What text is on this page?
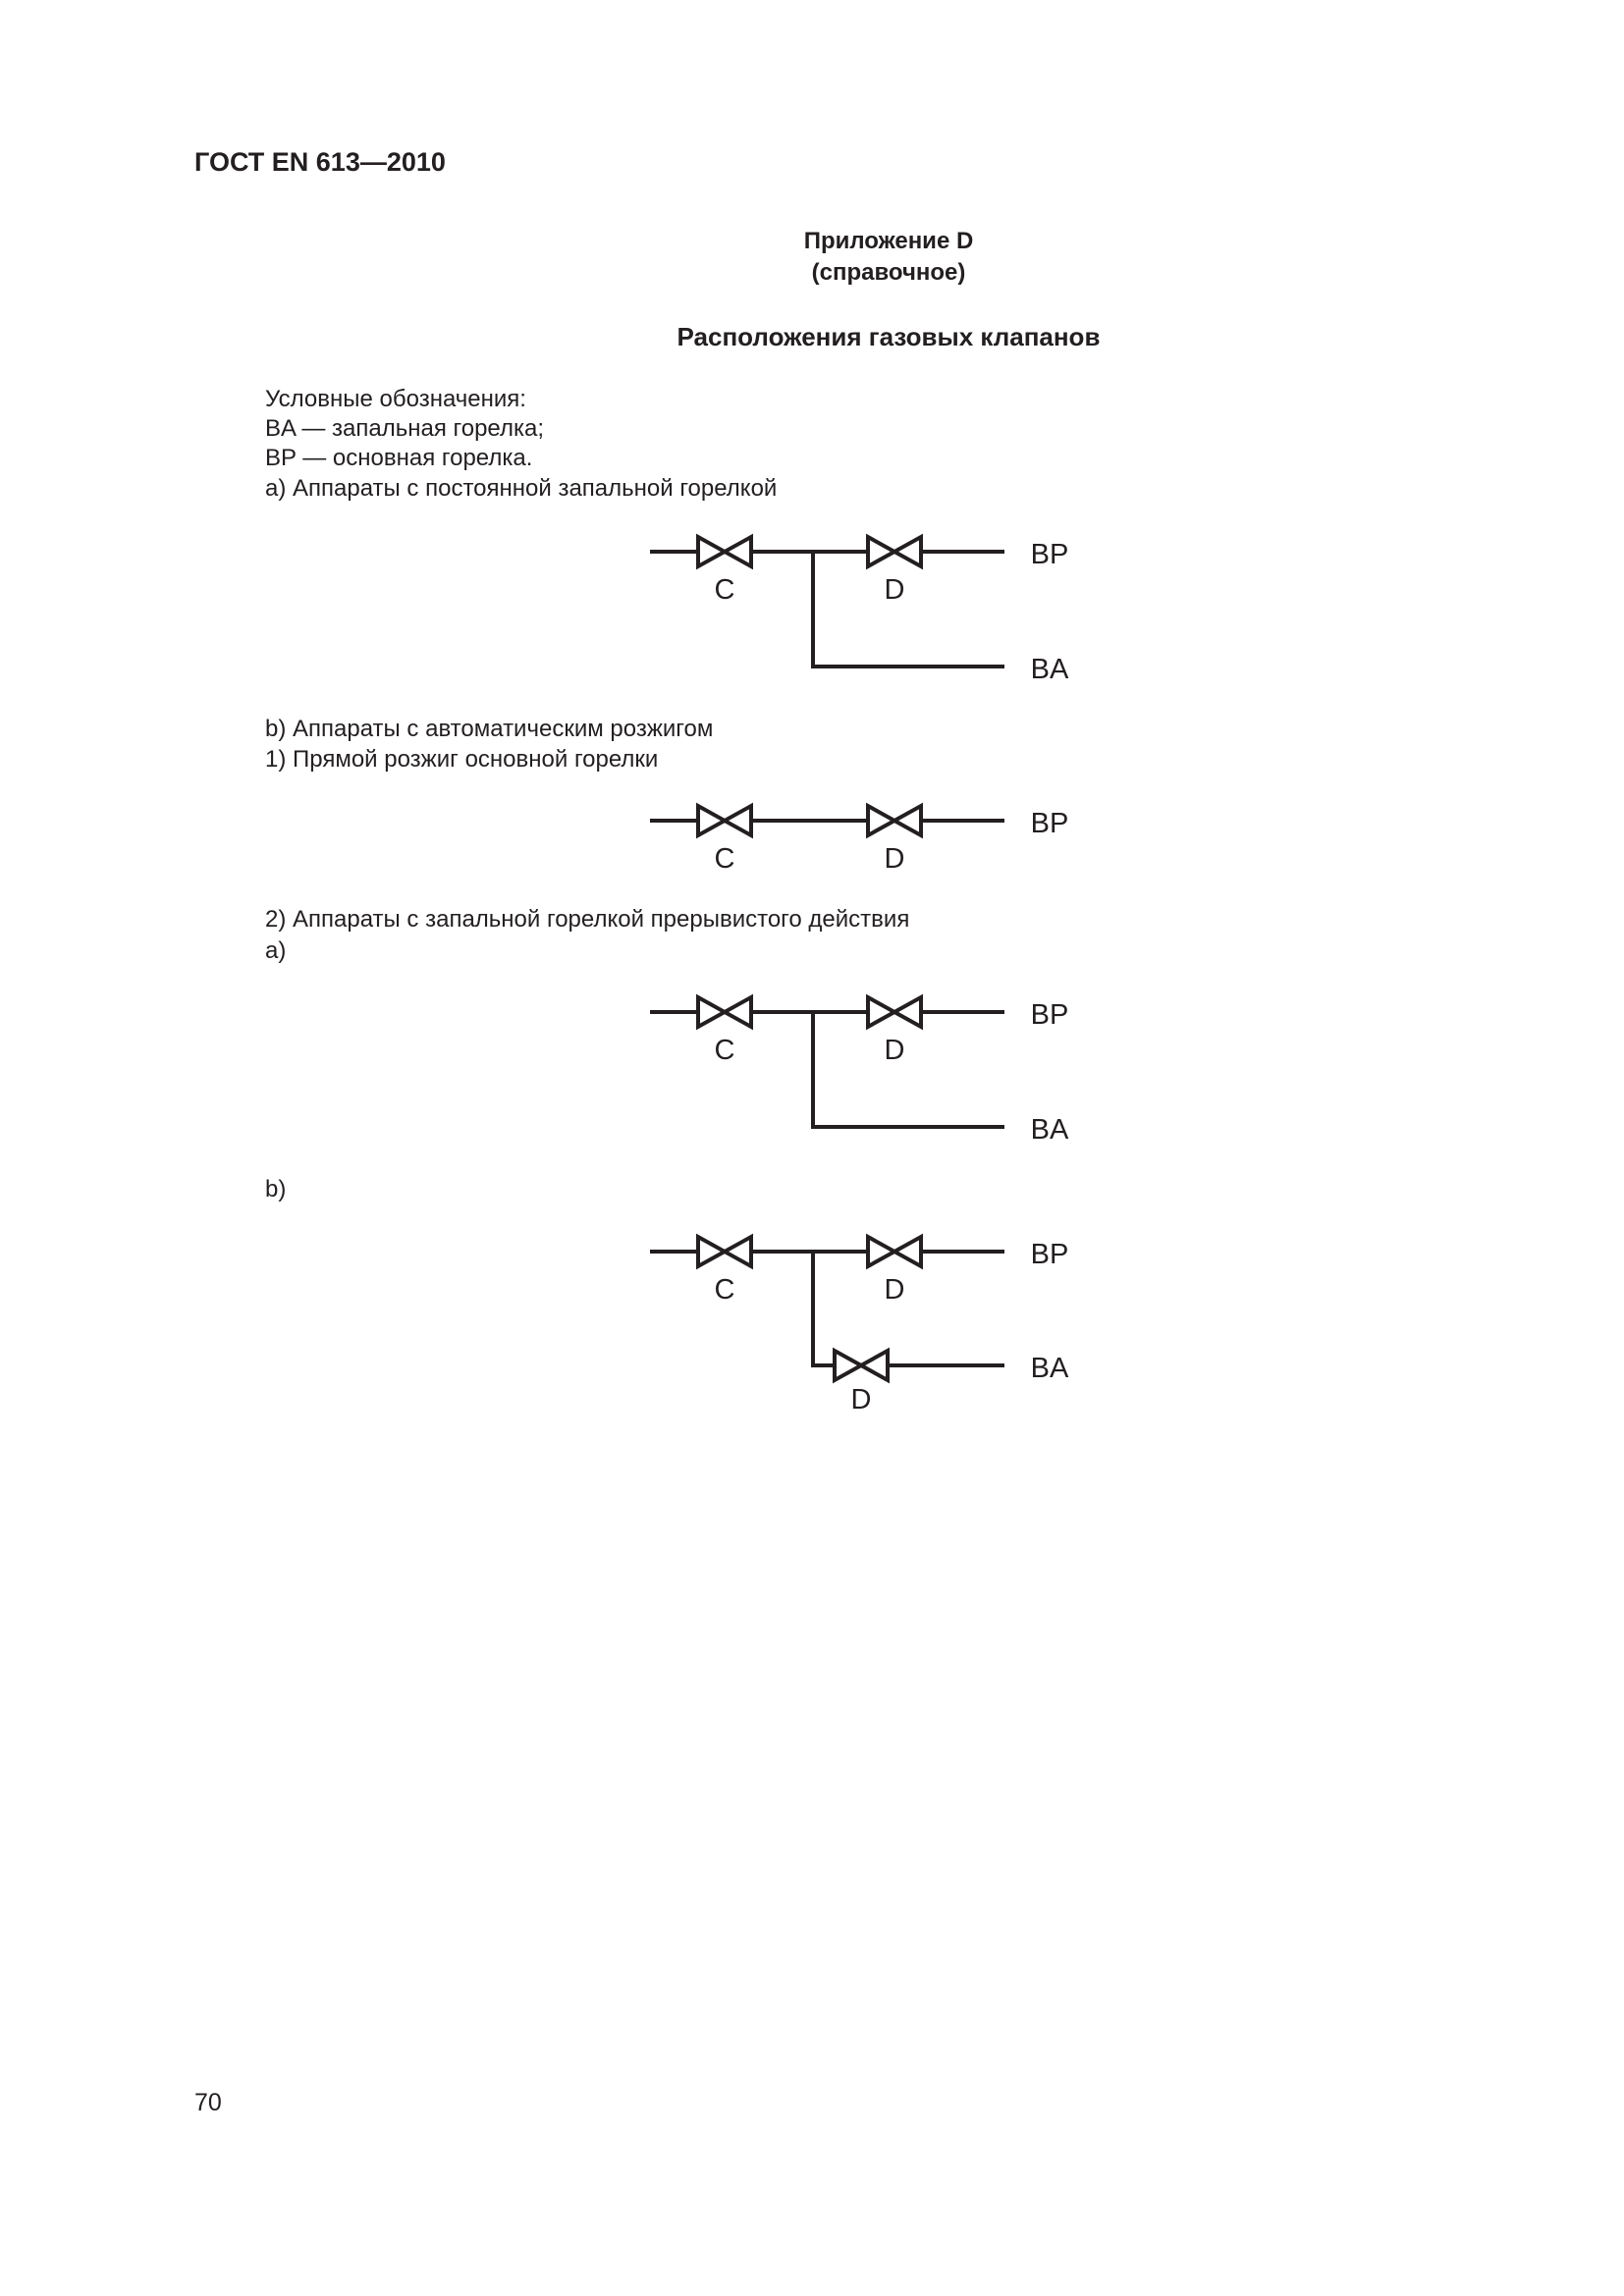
ГОСТ EN 613—2010
Приложение D
(справочное)
Расположения газовых клапанов
Условные обозначения:
BA — запальная горелка;
BP — основная горелка.
a) Аппараты с постоянной запальной горелкой
b) Аппараты с автоматическим розжигом
1) Прямой розжиг основной горелки
2) Аппараты с запальной горелкой прерывистого действия
a)
b)
70
C	D
BP
BA
C	D
BP
C	D
BP
BA
C	D
BP
BA
D
